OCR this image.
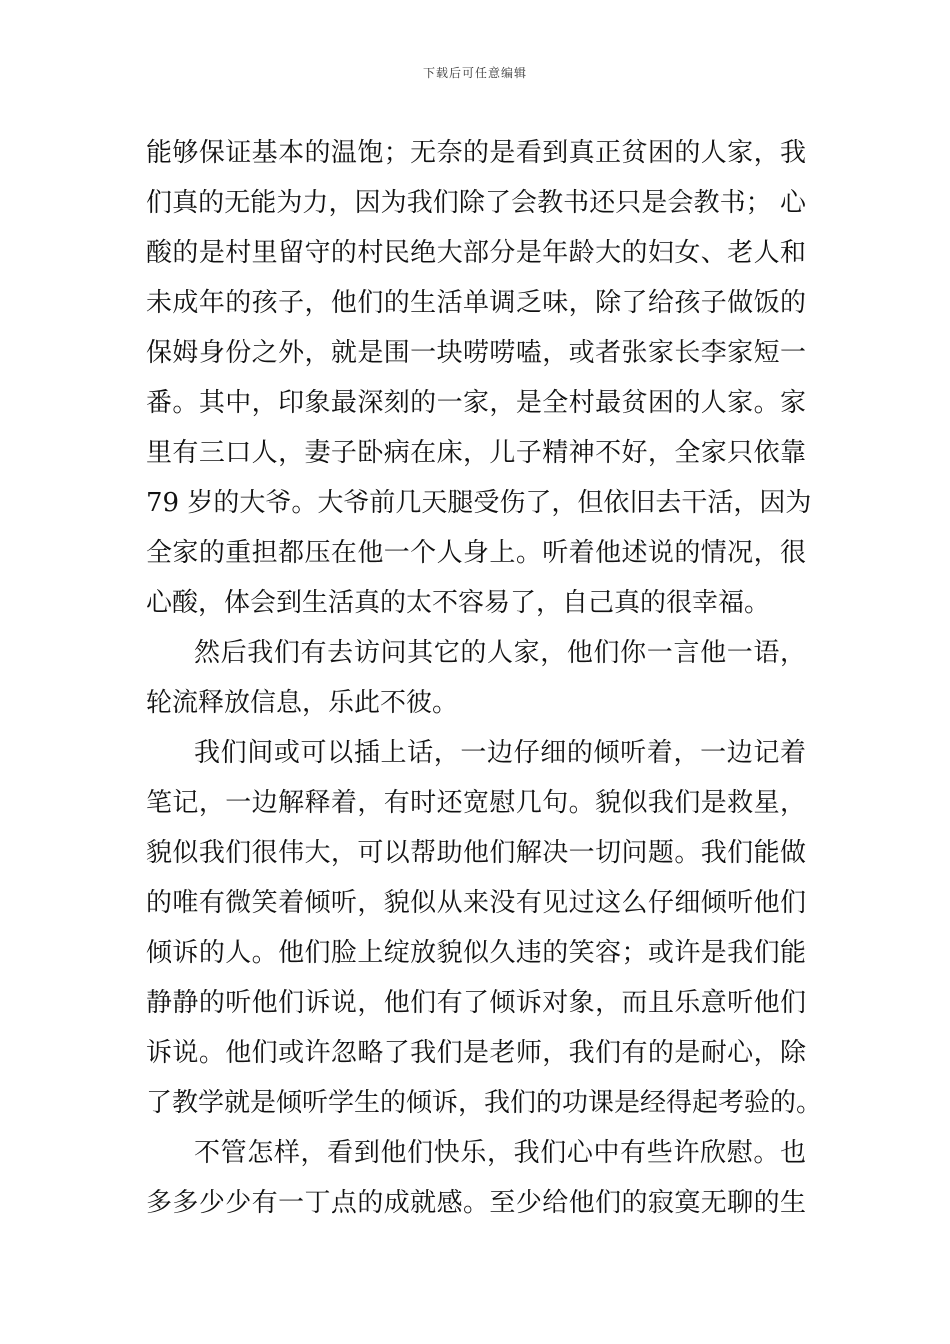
下载后可任意编辑
能够保证基本的温饱；无奈的是看到真正贫困的人家，我
们真的无能为力，因为我们除了会教书还只是会教书； 心
酸的是村里留守的村民绝大部分是年龄大的妇女、老人和
未成年的孩子，他们的生活单调乏味，除了给孩子做饭的
保姆身份之外，就是围一块唠唠嗑，或者张家长李家短一
番。其中，印象最深刻的一家，是全村最贫困的人家。家
里有三口人，妻子卧病在床，儿子精神不好，全家只依靠
79 岁的大爷。大爷前几天腿受伤了，但依旧去干活，因为
全家的重担都压在他一个人身上。听着他述说的情况，很
心酸，体会到生活真的太不容易了，自己真的很幸福。
然后我们有去访问其它的人家，他们你一言他一语，
轮流释放信息，乐此不彼。
我们间或可以插上话，一边仔细的倾听着，一边记着
笔记，一边解释着，有时还宽慰几句。貌似我们是救星，
貌似我们很伟大，可以帮助他们解决一切问题。我们能做
的唯有微笑着倾听，貌似从来没有见过这么仔细倾听他们
倾诉的人。他们脸上绽放貌似久违的笑容；或许是我们能
静静的听他们诉说，他们有了倾诉对象，而且乐意听他们
诉说。他们或许忽略了我们是老师，我们有的是耐心，除
了教学就是倾听学生的倾诉，我们的功课是经得起考验的。
不管怎样，看到他们快乐，我们心中有些许欣慰。也
多多少少有一丁点的成就感。至少给他们的寂寞无聊的生
